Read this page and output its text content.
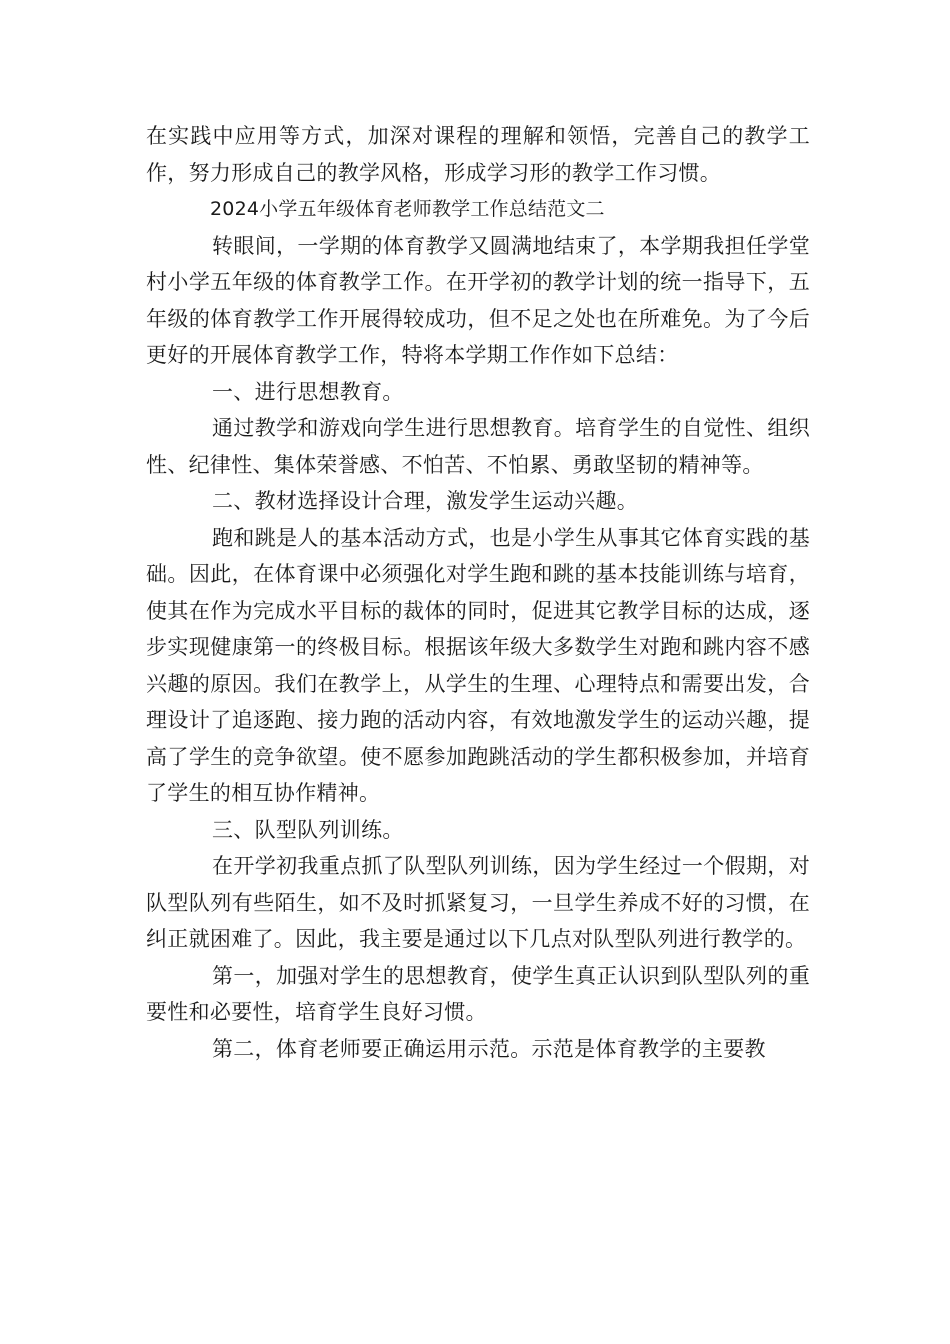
在实践中应用等方式，加深对课程的理解和领悟，完善自己的教学工作，努力形成自己的教学风格，形成学习形的教学工作习惯。

2024小学五年级体育老师教学工作总结范文二

转眼间，一学期的体育教学又圆满地结束了，本学期我担任学堂村小学五年级的体育教学工作。在开学初的教学计划的统一指导下，五年级的体育教学工作开展得较成功，但不足之处也在所难免。为了今后更好的开展体育教学工作，特将本学期工作作如下总结：

一、进行思想教育。

通过教学和游戏向学生进行思想教育。培育学生的自觉性、组织性、纪律性、集体荣誉感、不怕苦、不怕累、勇敢坚韧的精神等。

二、教材选择设计合理，激发学生运动兴趣。

跑和跳是人的基本活动方式，也是小学生从事其它体育实践的基础。因此，在体育课中必须强化对学生跑和跳的基本技能训练与培育，使其在作为完成水平目标的裁体的同时，促进其它教学目标的达成，逐步实现健康第一的终极目标。根据该年级大多数学生对跑和跳内容不感兴趣的原因。我们在教学上，从学生的生理、心理特点和需要出发，合理设计了追逐跑、接力跑的活动内容，有效地激发学生的运动兴趣，提高了学生的竞争欲望。使不愿参加跑跳活动的学生都积极参加，并培育了学生的相互协作精神。

三、队型队列训练。

在开学初我重点抓了队型队列训练，因为学生经过一个假期，对队型队列有些陌生，如不及时抓紧复习，一旦学生养成不好的习惯，在纠正就困难了。因此，我主要是通过以下几点对队型队列进行教学的。

第一，加强对学生的思想教育，使学生真正认识到队型队列的重要性和必要性，培育学生良好习惯。

第二，体育老师要正确运用示范。示范是体育教学的主要教
